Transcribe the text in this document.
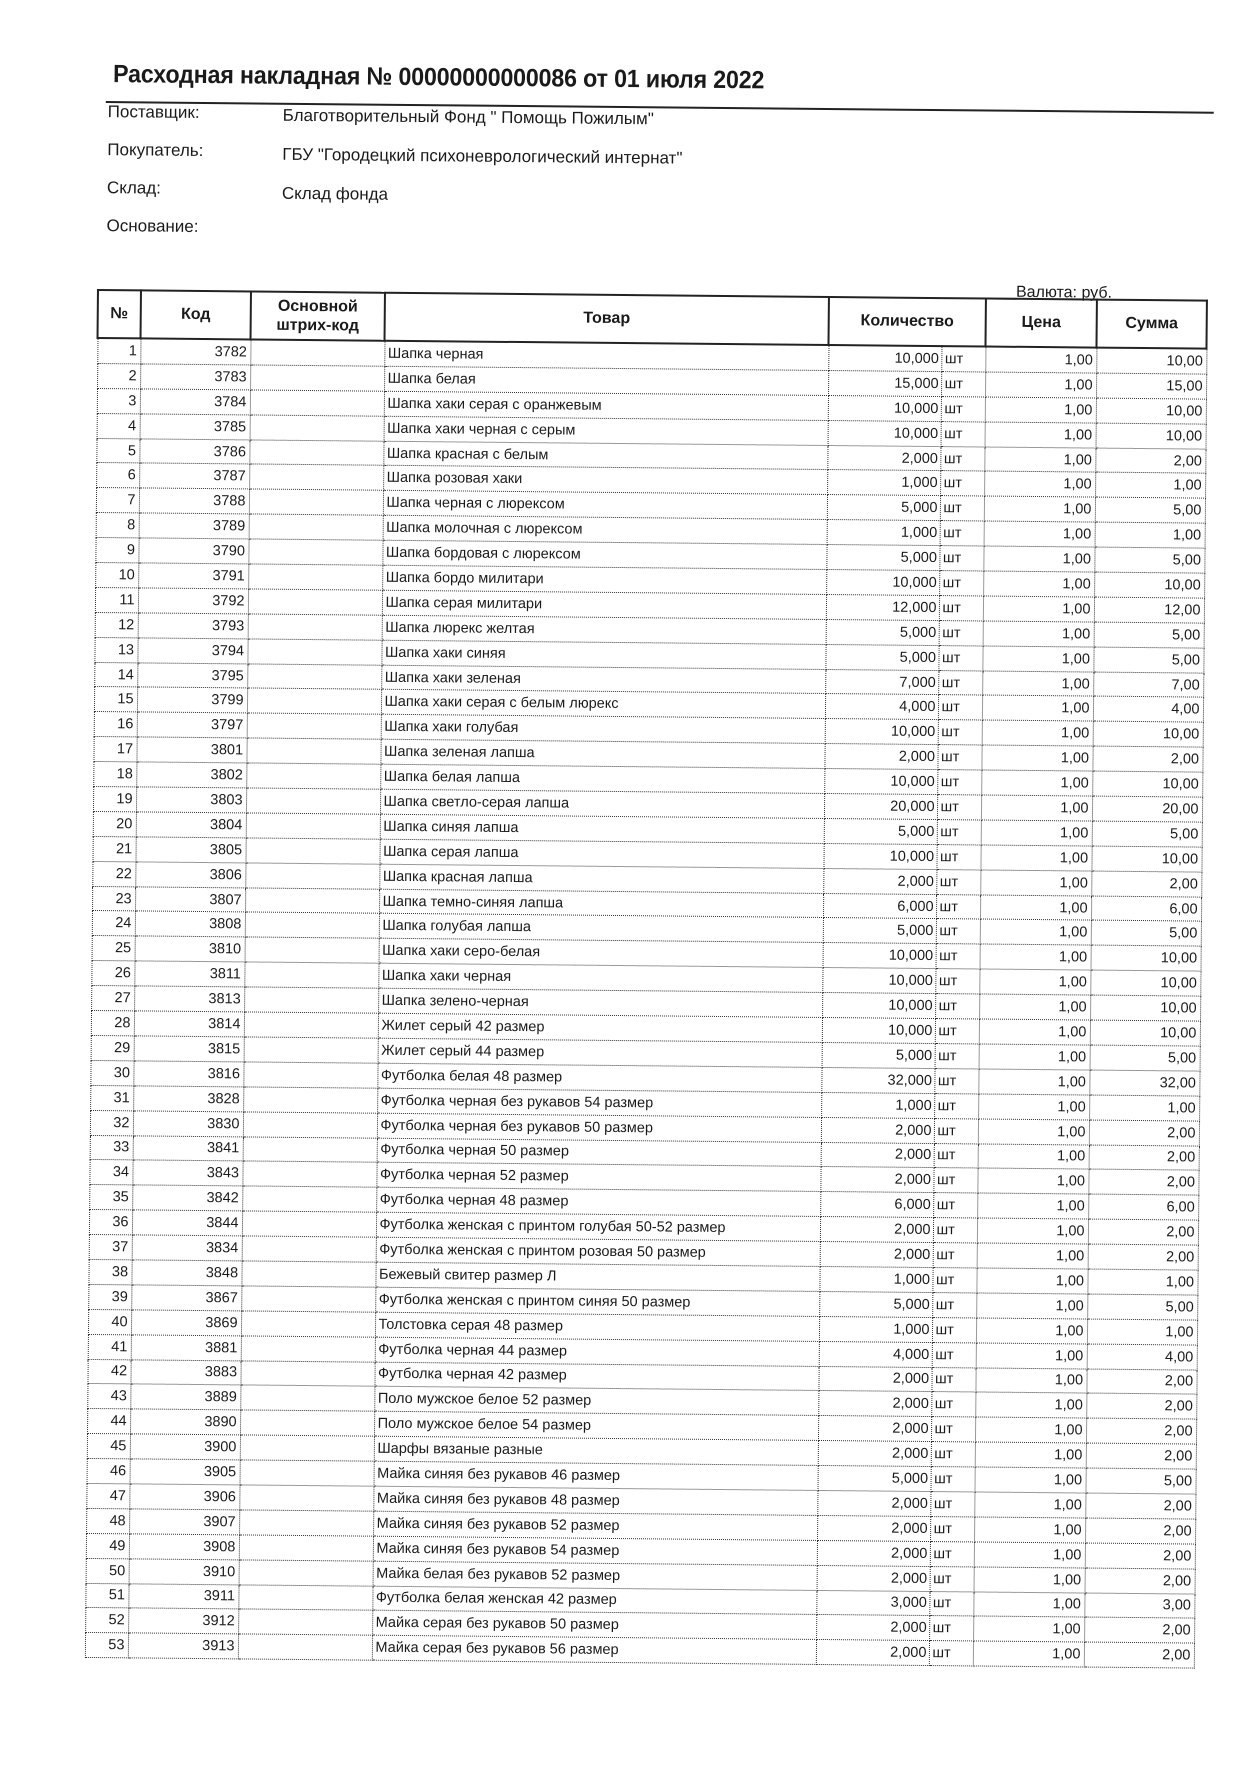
Расходная накладная № 00000000000086 от 01 июля 2022
Поставщик:	Благотворительный Фонд " Помощь Пожилым"
Покупатель:	ГБУ "Городецкий психоневрологический интернат"
Склад:	Склад фонда
Основание:
Валюта: руб.
№	Код	Основной штрих-код	Товар	Количество		Цена	Сумма
1	3782		Шапка черная	10,000	шт	1,00	10,00
2	3783		Шапка белая	15,000	шт	1,00	15,00
3	3784		Шапка хаки серая с оранжевым	10,000	шт	1,00	10,00
4	3785		Шапка хаки черная с серым	10,000	шт	1,00	10,00
5	3786		Шапка красная с белым	2,000	шт	1,00	2,00
6	3787		Шапка розовая хаки	1,000	шт	1,00	1,00
7	3788		Шапка черная с люрексом	5,000	шт	1,00	5,00
8	3789		Шапка молочная с люрексом	1,000	шт	1,00	1,00
9	3790		Шапка бордовая с люрексом	5,000	шт	1,00	5,00
10	3791		Шапка бордо милитари	10,000	шт	1,00	10,00
11	3792		Шапка серая милитари	12,000	шт	1,00	12,00
12	3793		Шапка люрекс желтая	5,000	шт	1,00	5,00
13	3794		Шапка хаки синяя	5,000	шт	1,00	5,00
14	3795		Шапка хаки зеленая	7,000	шт	1,00	7,00
15	3799		Шапка хаки серая с белым люрекс	4,000	шт	1,00	4,00
16	3797		Шапка хаки голубая	10,000	шт	1,00	10,00
17	3801		Шапка зеленая лапша	2,000	шт	1,00	2,00
18	3802		Шапка белая лапша	10,000	шт	1,00	10,00
19	3803		Шапка светло-серая лапша	20,000	шт	1,00	20,00
20	3804		Шапка синяя лапша	5,000	шт	1,00	5,00
21	3805		Шапка серая лапша	10,000	шт	1,00	10,00
22	3806		Шапка красная лапша	2,000	шт	1,00	2,00
23	3807		Шапка темно-синяя лапша	6,000	шт	1,00	6,00
24	3808		Шапка голубая лапша	5,000	шт	1,00	5,00
25	3810		Шапка хаки серо-белая	10,000	шт	1,00	10,00
26	3811		Шапка хаки черная	10,000	шт	1,00	10,00
27	3813		Шапка зелено-черная	10,000	шт	1,00	10,00
28	3814		Жилет серый 42 размер	10,000	шт	1,00	10,00
29	3815		Жилет серый 44 размер	5,000	шт	1,00	5,00
30	3816		Футболка белая 48 размер	32,000	шт	1,00	32,00
31	3828		Футболка черная без рукавов 54 размер	1,000	шт	1,00	1,00
32	3830		Футболка черная без рукавов 50 размер	2,000	шт	1,00	2,00
33	3841		Футболка черная 50 размер	2,000	шт	1,00	2,00
34	3843		Футболка черная 52 размер	2,000	шт	1,00	2,00
35	3842		Футболка черная 48 размер	6,000	шт	1,00	6,00
36	3844		Футболка женская с принтом голубая 50-52 размер	2,000	шт	1,00	2,00
37	3834		Футболка женская с принтом розовая 50 размер	2,000	шт	1,00	2,00
38	3848		Бежевый свитер размер Л	1,000	шт	1,00	1,00
39	3867		Футболка женская с принтом синяя 50 размер	5,000	шт	1,00	5,00
40	3869		Толстовка серая 48 размер	1,000	шт	1,00	1,00
41	3881		Футболка черная 44 размер	4,000	шт	1,00	4,00
42	3883		Футболка черная 42 размер	2,000	шт	1,00	2,00
43	3889		Поло мужское белое 52 размер	2,000	шт	1,00	2,00
44	3890		Поло мужское белое 54 размер	2,000	шт	1,00	2,00
45	3900		Шарфы вязаные разные	2,000	шт	1,00	2,00
46	3905		Майка синяя без рукавов 46 размер	5,000	шт	1,00	5,00
47	3906		Майка синяя без рукавов 48 размер	2,000	шт	1,00	2,00
48	3907		Майка синяя без рукавов 52 размер	2,000	шт	1,00	2,00
49	3908		Майка синяя без рукавов 54 размер	2,000	шт	1,00	2,00
50	3910		Майка белая без рукавов 52 размер	2,000	шт	1,00	2,00
51	3911		Футболка белая женская 42 размер	3,000	шт	1,00	3,00
52	3912		Майка серая без рукавов 50 размер	2,000	шт	1,00	2,00
53	3913		Майка серая без рукавов 56 размер	2,000	шт	1,00	2,00
